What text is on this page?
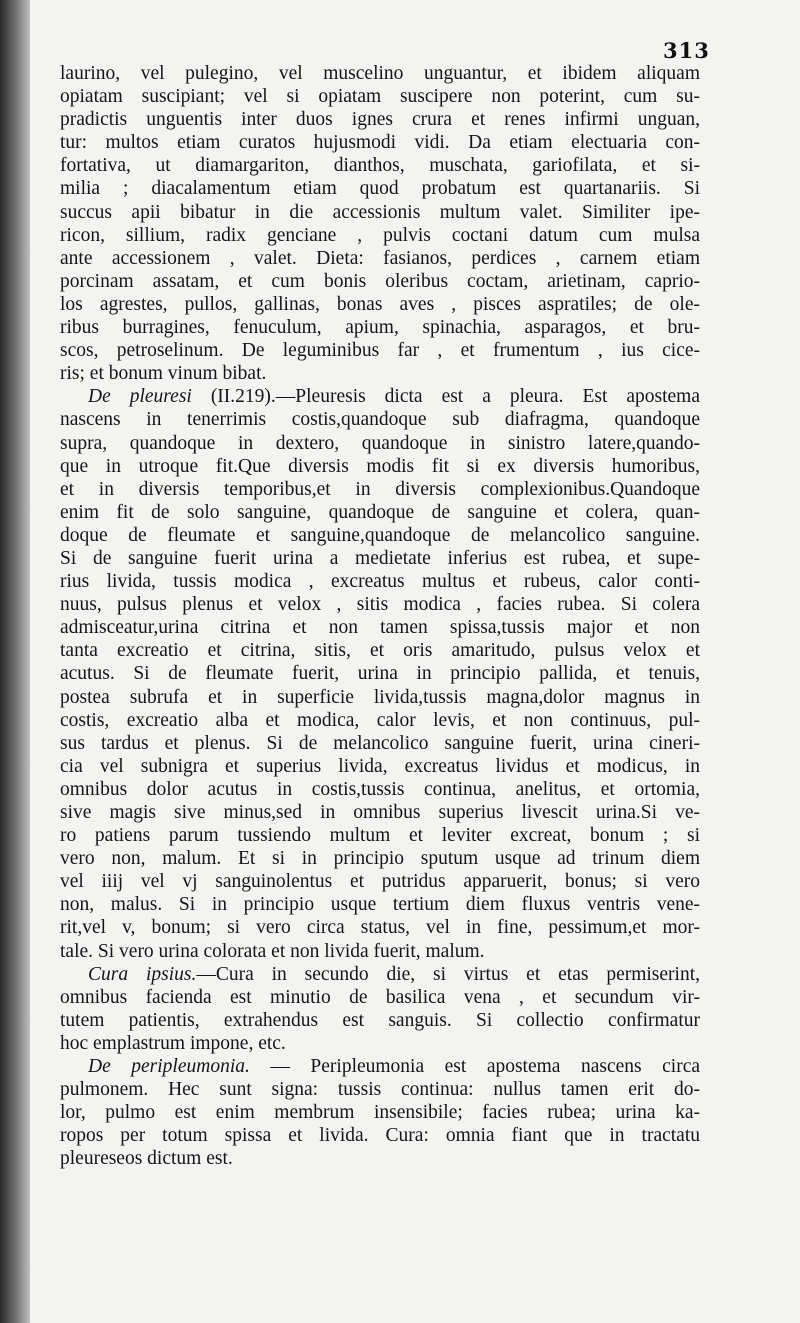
313
laurino, vel pulegino, vel muscelino unguantur, et ibidem aliquam
opiatam suscipiant; vel si opiatam suscipere non poterint, cum su-
pradictis unguentis inter duos ignes crura et renes infirmi unguan,
tur: multos etiam curatos hujusmodi vidi. Da etiam electuaria con-
fortativa, ut diamargariton, dianthos, muschata, gariofilata, et si-
milia ; diacalamentum etiam quod probatum est quartanariis. Si
succus apii bibatur in die accessionis multum valet. Similiter ipe-
ricon, sillium, radix genciane , pulvis coctani datum cum mulsa
ante accessionem , valet. Dieta: fasianos, perdices , carnem etiam
porcinam assatam, et cum bonis oleribus coctam, arietinam, caprio-
los agrestes, pullos, gallinas, bonas aves , pisces aspratiles; de ole-
ribus burragines, fenuculum, apium, spinachia, asparagos, et bru-
scos, petroselinum. De leguminibus far , et frumentum , ius cice-
ris; et bonum vinum bibat.
De pleuresi (II.219).—Pleuresis dicta est a pleura. Est apostema
nascens in tenerrimis costis,quandoque sub diafragma, quandoque
supra, quandoque in dextero, quandoque in sinistro latere,quando-
que in utroque fit.Que diversis modis fit si ex diversis humoribus,
et in diversis temporibus,et in diversis complexionibus.Quandoque
enim fit de solo sanguine, quandoque de sanguine et colera, quan-
doque de fleumate et sanguine,quandoque de melancolico sanguine.
Si de sanguine fuerit urina a medietate inferius est rubea, et supe-
rius livida, tussis modica , excreatus multus et rubeus, calor conti-
nuus, pulsus plenus et velox , sitis modica , facies rubea. Si colera
admisceatur,urina citrina et non tamen spissa,tussis major et non
tanta excreatio et citrina, sitis, et oris amaritudo, pulsus velox et
acutus. Si de fleumate fuerit, urina in principio pallida, et tenuis,
postea subrufa et in superficie livida,tussis magna,dolor magnus in
costis, excreatio alba et modica, calor levis, et non continuus, pul-
sus tardus et plenus. Si de melancolico sanguine fuerit, urina cineri-
cia vel subnigra et superius livida, excreatus lividus et modicus, in
omnibus dolor acutus in costis,tussis continua, anelitus, et ortomia,
sive magis sive minus,sed in omnibus superius livescit urina.Si ve-
ro patiens parum tussiendo multum et leviter excreat, bonum ; si
vero non, malum. Et si in principio sputum usque ad trinum diem
vel iiij vel vj sanguinolentus et putridus apparuerit, bonus; si vero
non, malus. Si in principio usque tertium diem fluxus ventris vene-
rit,vel v, bonum; si vero circa status, vel in fine, pessimum,et mor-
tale. Si vero urina colorata et non livida fuerit, malum.
Cura ipsius.—Cura in secundo die, si virtus et etas permiserint,
omnibus facienda est minutio de basilica vena , et secundum vir-
tutem patientis, extrahendus est sanguis. Si collectio confirmatur
hoc emplastrum impone, etc.
De peripleumonia. — Peripleumonia est apostema nascens circa
pulmonem. Hec sunt signa: tussis continua: nullus tamen erit do-
lor, pulmo est enim membrum insensibile; facies rubea; urina ka-
ropos per totum spissa et livida. Cura: omnia fiant que in tractatu
pleureseos dictum est.
